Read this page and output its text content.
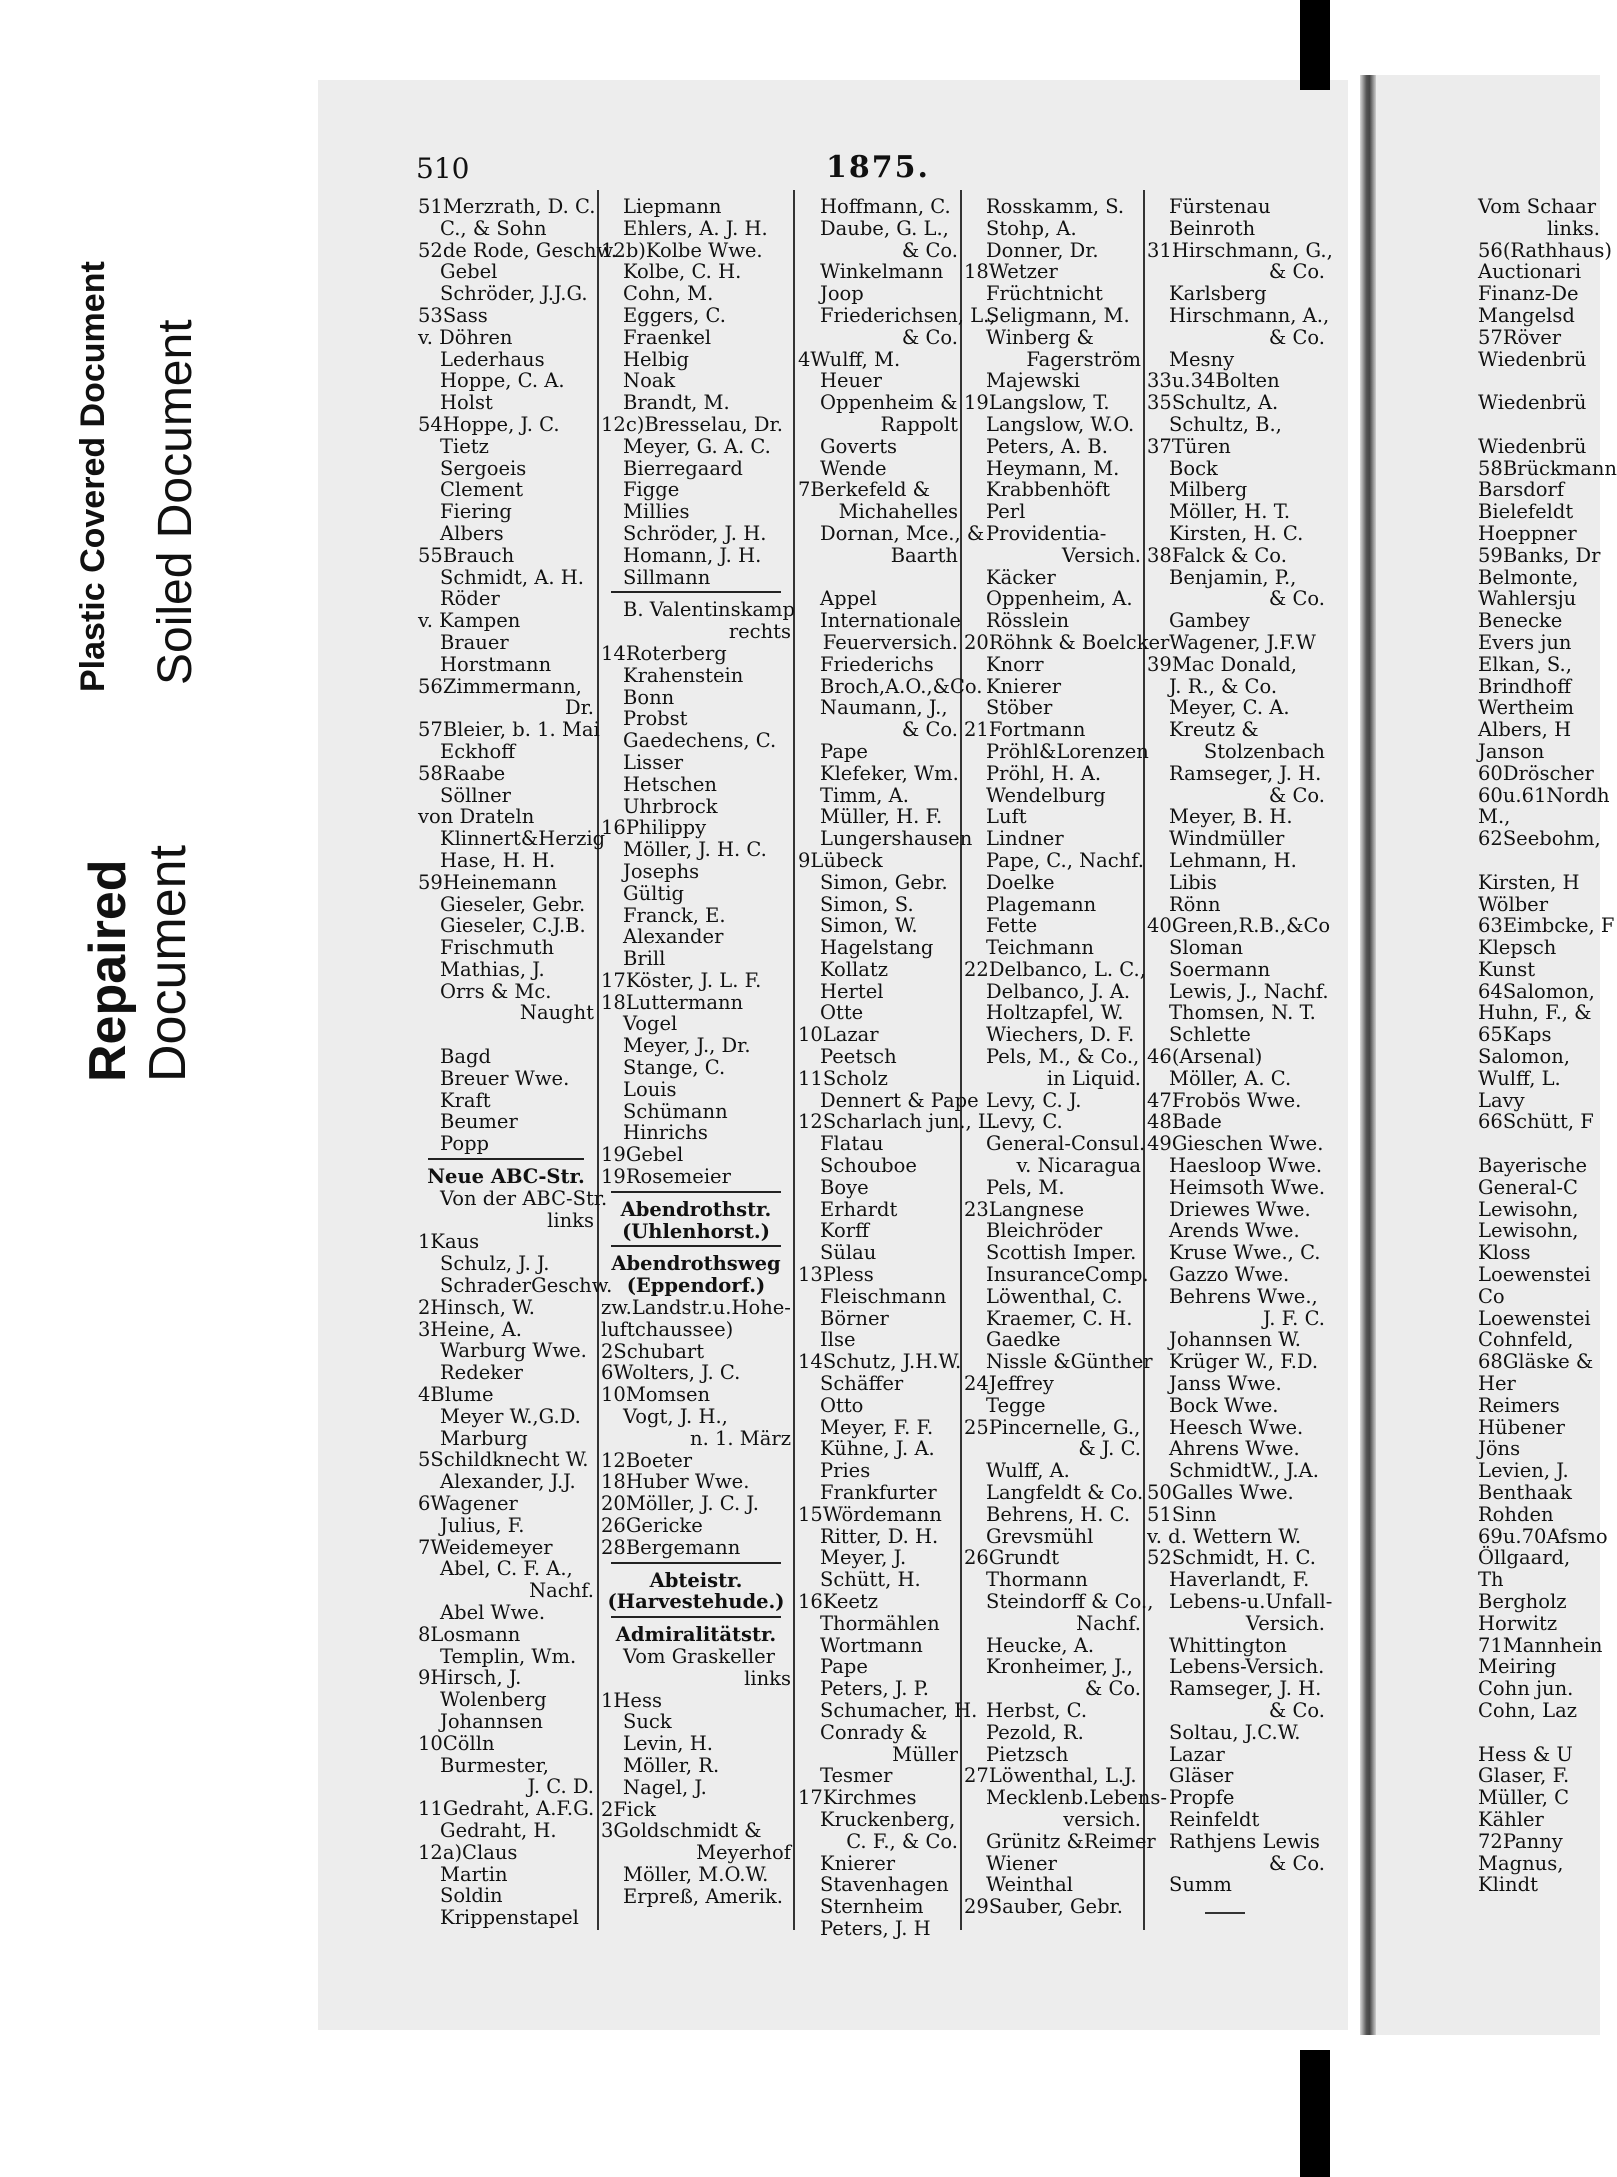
Plastic Covered Document Soiled Document
Repaired Document
510	1875.
51Merzrath, D. C.
C., & Sohn
52de Rode, Geschw.
Gebel
Schröder, J.J.G.
53Sass
v. Döhren
Lederhaus
Hoppe, C. A.
Holst
54Hoppe, J. C.
Tietz
Sergoeis
Clement
Fiering
Albers
55Brauch
Schmidt, A. H.
Röder
v. Kampen
Brauer
Horstmann
56Zimmermann,
Dr.
57Bleier, b. 1. Mai
Eckhoff
58Raabe
Söllner
von Drateln
Klinnert&Herzig
Hase, H. H.
59Heinemann
Gieseler, Gebr.
Gieseler, C.J.B.
Frischmuth
Mathias, J.
Orrs & Mc.
Naught

Bagd
Breuer Wwe.
Kraft
Beumer
Popp
Neue ABC-Str.
Von der ABC-Str.
links
1Kaus
Schulz, J. J.
SchraderGeschw.
2Hinsch, W.
3Heine, A.
Warburg Wwe.
Redeker
4Blume
Meyer W.,G.D.
Marburg
5Schildknecht W.
Alexander, J.J.
6Wagener
Julius, F.
7Weidemeyer
Abel, C. F. A.,
Nachf.
Abel Wwe.
8Losmann
Templin, Wm.
9Hirsch, J.
Wolenberg
Johannsen
10Cölln
Burmester,
J. C. D.
11Gedraht, A.F.G.
Gedraht, H.
12a)Claus
Martin
Soldin
Krippenstapel
Liepmann
Ehlers, A. J. H.
12b)Kolbe Wwe.
Kolbe, C. H.
Cohn, M.
Eggers, C.
Fraenkel
Helbig
Noak
Brandt, M.
12c)Bresselau, Dr.
Meyer, G. A. C.
Bierregaard
Figge
Millies
Schröder, J. H.
Homann, J. H.
Sillmann
B. Valentinskamp
rechts
14Roterberg
Krahenstein
Bonn
Probst
Gaedechens, C.
Lisser
Hetschen
Uhrbrock
16Philippy
Möller, J. H. C.
Josephs
Gültig
Franck, E.
Alexander
Brill
17Köster, J. L. F.
18Luttermann
Vogel
Meyer, J., Dr.
Stange, C.
Louis
Schümann
Hinrichs
19Gebel
19Rosemeier
Abendrothstr.
(Uhlenhorst.)
Abendrothsweg
(Eppendorf.)
zw.Landstr.u.Hohe-
luftchaussee)
2Schubart
6Wolters, J. C.
10Momsen
Vogt, J. H.,
n. 1. März
12Boeter
18Huber Wwe.
20Möller, J. C. J.
26Gericke
28Bergemann
Abteistr.
(Harvestehude.)
Admiralitätstr.
Vom Graskeller
links
1Hess
Suck
Levin, H.
Möller, R.
Nagel, J.
2Fick
3Goldschmidt &
Meyerhof
Möller, M.O.W.
Erpreß, Amerik.
Hoffmann, C.
Daube, G. L.,
& Co.
Winkelmann
Joop
Friederichsen, L.,
& Co.
4Wulff, M.
Heuer
Oppenheim &
Rappolt
Goverts
Wende
7Berkefeld &
Michahelles
Dornan, Mce., &
Baarth

Appel
Internationale
Feuerversich.
Friederichs
Broch,A.O.,&Co.
Naumann, J.,
& Co.
Pape
Klefeker, Wm.
Timm, A.
Müller, H. F.
Lungershausen
9Lübeck
Simon, Gebr.
Simon, S.
Simon, W.
Hagelstang
Kollatz
Hertel
Otte
10Lazar
Peetsch
11Scholz
Dennert & Pape
12Scharlach jun., L.
Flatau
Schouboe
Boye
Erhardt
Korff
Sülau
13Pless
Fleischmann
Börner
Ilse
14Schutz, J.H.W.
Schäffer
Otto
Meyer, F. F.
Kühne, J. A.
Pries
Frankfurter
15Wördemann
Ritter, D. H.
Meyer, J.
Schütt, H.
16Keetz
Thormählen
Wortmann
Pape
Peters, J. P.
Schumacher, H.
Conrady &
Müller
Tesmer
17Kirchmes
Kruckenberg,
C. F., & Co.
Knierer
Stavenhagen
Sternheim
Peters, J. H
Rosskamm, S.
Stohp, A.
Donner, Dr.
18Wetzer
Früchtnicht
Seligmann, M.
Winberg &
Fagerström
Majewski
19Langslow, T.
Langslow, W.O.
Peters, A. B.
Heymann, M.
Krabbenhöft
Perl
Providentia-
Versich.
Käcker
Oppenheim, A.
Rösslein
20Röhnk & Boelcker
Knorr
Knierer
Stöber
21Fortmann
Pröhl&Lorenzen
Pröhl, H. A.
Wendelburg
Luft
Lindner
Pape, C., Nachf.
Doelke
Plagemann
Fette
Teichmann
22Delbanco, L. C.,
Delbanco, J. A.
Holtzapfel, W.
Wiechers, D. F.
Pels, M., & Co.,
in Liquid.
Levy, C. J.
Levy, C.
General-Consul.
v. Nicaragua
Pels, M.
23Langnese
Bleichröder
Scottish Imper.
InsuranceComp.
Löwenthal, C.
Kraemer, C. H.
Gaedke
Nissle &Günther
24Jeffrey
Tegge
25Pincernelle, G.,
& J. C.
Wulff, A.
Langfeldt & Co.
Behrens, H. C.
Grevsmühl
26Grundt
Thormann
Steindorff & Co.,
Nachf.
Heucke, A.
Kronheimer, J.,
& Co.
Herbst, C.
Pezold, R.
Pietzsch
27Löwenthal, L.J.
Mecklenb.Lebens-
versich.
Grünitz &Reimer
Wiener
Weinthal
29Sauber, Gebr.
Fürstenau
Beinroth
31Hirschmann, G.,
& Co.
Karlsberg
Hirschmann, A.,
& Co.
Mesny
33u.34Bolten
35Schultz, A.
Schultz, B.,
37Türen
Bock
Milberg
Möller, H. T.
Kirsten, H. C.
38Falck & Co.
Benjamin, P.,
& Co.
Gambey
Wagener, J.F.W
39Mac Donald,
J. R., & Co.
Meyer, C. A.
Kreutz &
Stolzenbach
Ramseger, J. H.
& Co.
Meyer, B. H.
Windmüller
Lehmann, H.
Libis
Rönn
40Green,R.B.,&Co
Sloman
Soermann
Lewis, J., Nachf.
Thomsen, N. T.
Schlette
46(Arsenal)
Möller, A. C.
47Frobös Wwe.
48Bade
49Gieschen Wwe.
Haesloop Wwe.
Heimsoth Wwe.
Driewes Wwe.
Arends Wwe.
Kruse Wwe., C.
Gazzo Wwe.
Behrens Wwe.,
J. F. C.
Johannsen W.
Krüger W., F.D.
Janss Wwe.
Bock Wwe.
Heesch Wwe.
Ahrens Wwe.
SchmidtW., J.A.
50Galles Wwe.
51Sinn
v. d. Wettern W.
52Schmidt, H. C.
Haverlandt, F.
Lebens-u.Unfall-
Versich.
Whittington
Lebens-Versich.
Ramseger, J. H.
& Co.
Soltau, J.C.W.
Lazar
Gläser
Propfe
Reinfeldt
Rathjens Lewis
& Co.
Summ
Vom Schaar
links.
56(Rathhaus)
Auctionari
Finanz-De
Mangelsd
57Röver
Wiedenbrü

Wiedenbrü

Wiedenbrü
58Brückmann
Barsdorf
Bielefeldt
Hoeppner
59Banks, Dr
Belmonte,
Wahlersju
Benecke
Evers jun
Elkan, S.,
Brindhoff
Wertheim
Albers, H
Janson
60Dröscher
60u.61Nordh
M.,
62Seebohm,

Kirsten, H
Wölber
63Eimbcke, F
Klepsch
Kunst
64Salomon,
Huhn, F., &
65Kaps
Salomon,
Wulff, L.
Lavy
66Schütt, F

Bayerische
General-C
Lewisohn,
Lewisohn,
Kloss
Loewenstei
Co
Loewenstei
Cohnfeld,
68Gläske &
Her
Reimers
Hübener
Jöns
Levien, J.
Benthaak
Rohden
69u.70Afsmo
Öllgaard,
Th
Bergholz
Horwitz
71Mannhein
Meiring
Cohn jun.
Cohn, Laz

Hess & U
Glaser, F.
Müller, C
Kähler
72Panny
Magnus,
Klindt
